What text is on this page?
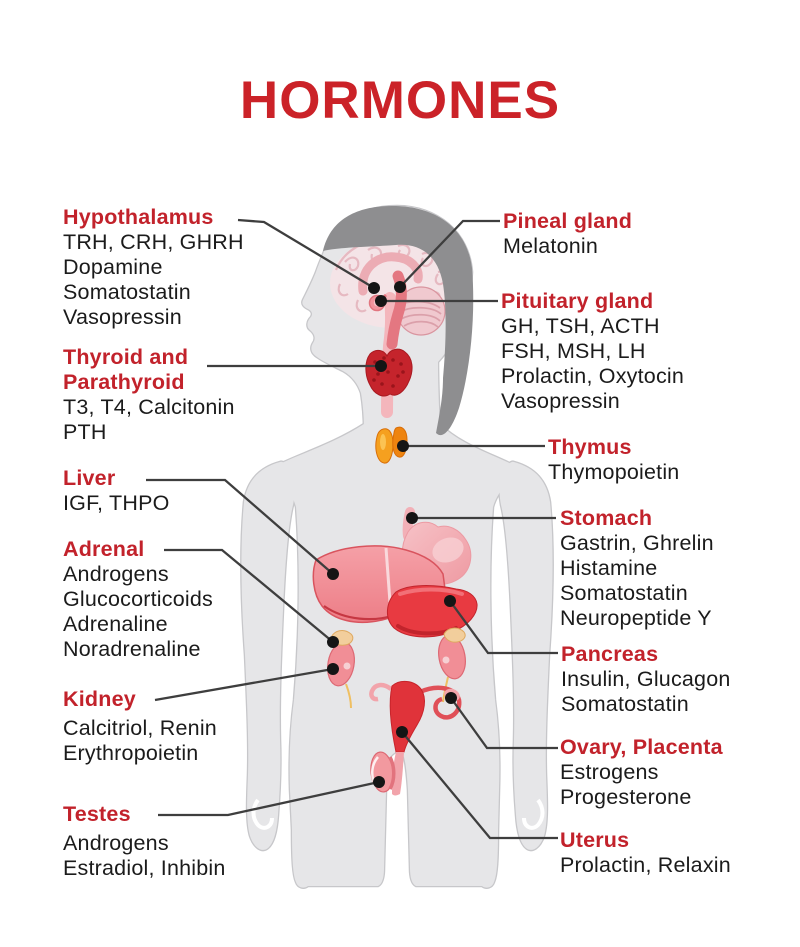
HORMONES
Hypothalamus
TRH, CRH, GHRH
Dopamine
Somatostatin
Vasopressin
Thyroid and Parathyroid
T3, T4, Calcitonin
PTH
Liver
IGF, THPO
Adrenal
Androgens
Glucocorticoids
Adrenaline
Noradrenaline
Kidney
Calcitriol, Renin
Erythropoietin
Testes
Androgens
Estradiol, Inhibin
Pineal gland
Melatonin
Pituitary gland
GH, TSH, ACTH
FSH, MSH, LH
Prolactin, Oxytocin
Vasopressin
Thymus
Thymopoietin
Stomach
Gastrin, Ghrelin
Histamine
Somatostatin
Neuropeptide Y
Pancreas
Insulin, Glucagon
Somatostatin
Ovary, Placenta
Estrogens
Progesterone
Uterus
Prolactin, Relaxin
